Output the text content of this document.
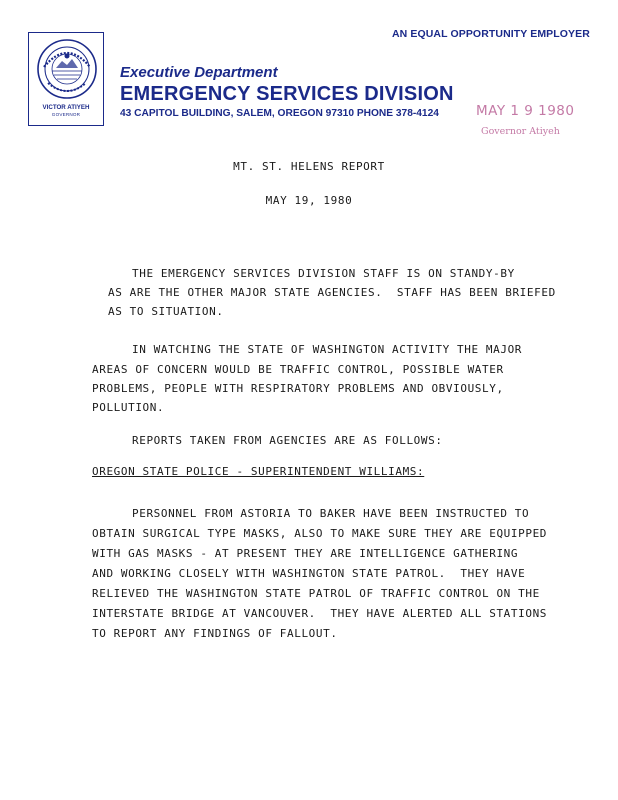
AN EQUAL OPPORTUNITY EMPLOYER
VICTOR ATIYEH
GOVERNOR
Executive Department
EMERGENCY SERVICES DIVISION
43 CAPITOL BUILDING, SALEM, OREGON 97310 PHONE 378-4124	MAY 1 9 1980
Governor Atiyeh
MT. ST. HELENS REPORT
MAY 19, 1980
THE EMERGENCY SERVICES DIVISION STAFF IS ON STANDY-BY
AS ARE THE OTHER MAJOR STATE AGENCIES.  STAFF HAS BEEN BRIEFED
AS TO SITUATION.
IN WATCHING THE STATE OF WASHINGTON ACTIVITY THE MAJOR
AREAS OF CONCERN WOULD BE TRAFFIC CONTROL, POSSIBLE WATER
PROBLEMS, PEOPLE WITH RESPIRATORY PROBLEMS AND OBVIOUSLY,
POLLUTION.
REPORTS TAKEN FROM AGENCIES ARE AS FOLLOWS:
OREGON STATE POLICE - SUPERINTENDENT WILLIAMS:
PERSONNEL FROM ASTORIA TO BAKER HAVE BEEN INSTRUCTED TO
OBTAIN SURGICAL TYPE MASKS, ALSO TO MAKE SURE THEY ARE EQUIPPED
WITH GAS MASKS - AT PRESENT THEY ARE INTELLIGENCE GATHERING
AND WORKING CLOSELY WITH WASHINGTON STATE PATROL.  THEY HAVE
RELIEVED THE WASHINGTON STATE PATROL OF TRAFFIC CONTROL ON THE
INTERSTATE BRIDGE AT VANCOUVER.  THEY HAVE ALERTED ALL STATIONS
TO REPORT ANY FINDINGS OF FALLOUT.
